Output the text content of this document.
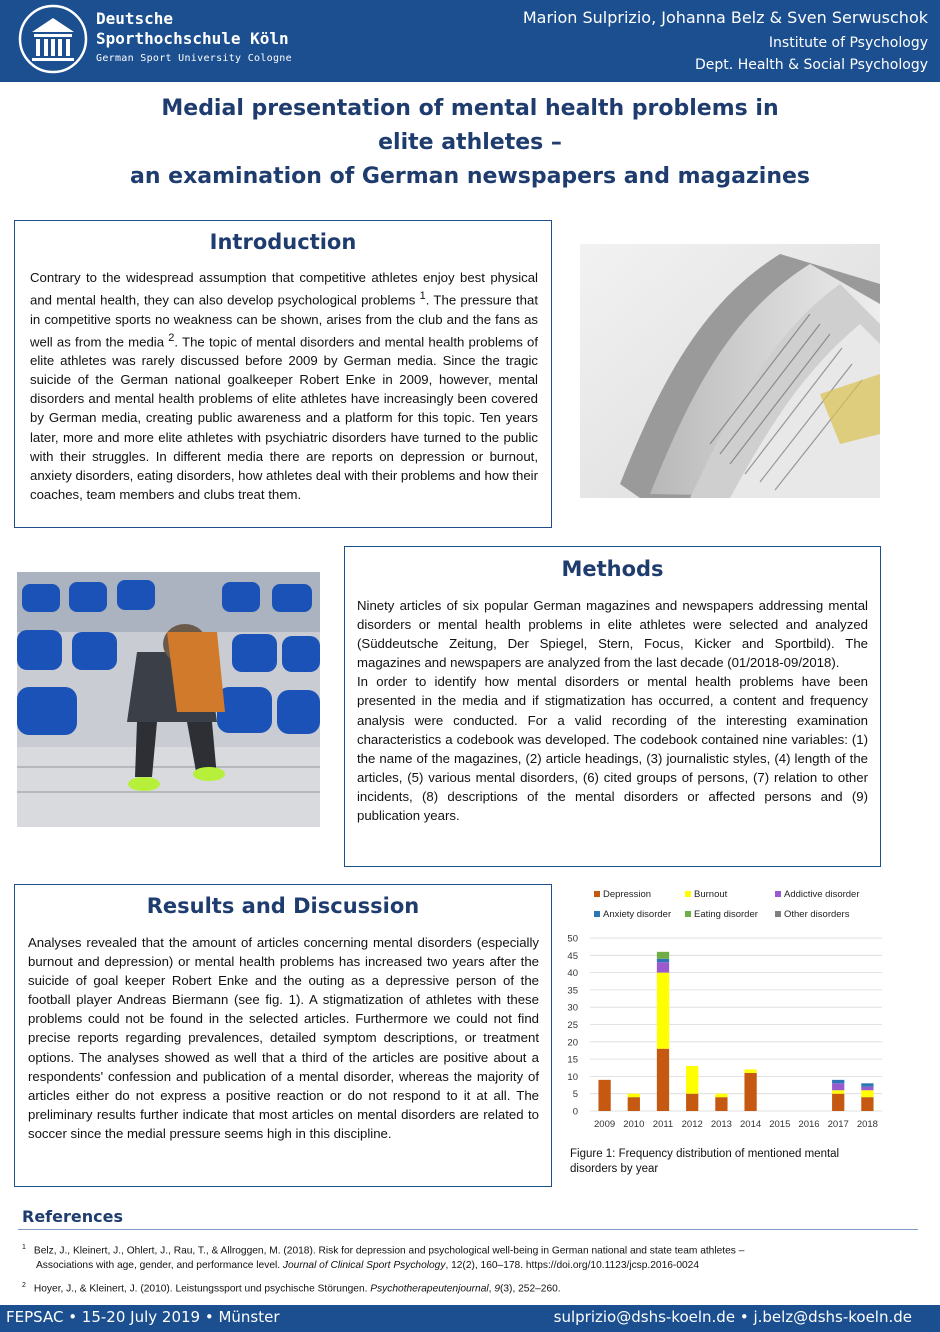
Deutsche
Sporthochschule Köln
German Sport University Cologne
Marion Sulprizio, Johanna Belz & Sven Serwuschok
Institute of Psychology
Dept. Health & Social Psychology
Medial presentation of mental health problems in
elite athletes –
an examination of German newspapers and magazines
Introduction

Contrary to the widespread assumption that competitive athletes enjoy best physical and mental health, they can also develop psychological problems $^1$. The pressure that in competitive sports no weakness can be shown, arises from the club and the fans as well as from the media $^2$. The topic of mental disorders and mental health problems of elite athletes was rarely discussed before 2009 by German media. Since the tragic suicide of the German national goalkeeper Robert Enke in 2009, however, mental disorders and mental health problems of elite athletes have increasingly been covered by German media, creating public awareness and a platform for this topic. Ten years later, more and more elite athletes with psychiatric disorders have turned to the public with their struggles. In different media there are reports on depression or burnout, anxiety disorders, eating disorders, how athletes deal with their problems and how their coaches, team members and clubs treat them.

Methods

Ninety articles of six popular German magazines and newspapers addressing mental disorders or mental health problems in elite athletes were selected and analyzed (Süddeutsche Zeitung, Der Spiegel, Stern, Focus, Kicker and Sportbild). The magazines and newspapers are analyzed from the last decade (01/2018-09/2018).
In order to identify how mental disorders or mental health problems have been presented in the media and if stigmatization has occurred, a content and frequency analysis were conducted. For a valid recording of the interesting examination characteristics a codebook was developed. The codebook contained nine variables: (1) the name of the magazines, (2) article headings, (3) journalistic styles, (4) length of the articles, (5) various mental disorders, (6) cited groups of persons, (7) relation to other incidents, (8) descriptions of the mental disorders or affected persons and (9) publication years.

Results and Discussion

Analyses revealed that the amount of articles concerning mental disorders (especially burnout and depression) or mental health problems has increased two years after the suicide of goal keeper Robert Enke and the outing as a depressive person of the football player Andreas Biermann (see fig. 1). A stigmatization of athletes with these problems could not be found in the selected articles. Furthermore we could not find precise reports regarding prevalences, detailed symptom descriptions, or treatment options. The analyses showed as well that a third of the articles are positive about a respondents' confession and publication of a mental disorder, whereas the majority of articles either do not express a positive reaction or do not respond to it at all. The preliminary results further indicate that most articles on mental disorders are related to soccer since the medial pressure seems high in this discipline.

Depression	Burnout	Addictive disorder
Anxiety disorder Eating disorder	Other disorders
0
5
10
15
20
25
30
35
40
45
50
2009 2010 2011 2012 2013 2014 2015 2016 2017 2018
Figure 1: Frequency distribution of mentioned mental disorders by year
References
$^1$ Belz, J., Kleinert, J., Ohlert, J., Rau, T., & Allroggen, M. (2018). Risk for depression and psychological well-being in German national and state team athletes –
Associations with age, gender, and performance level. Journal of Clinical Sport Psychology, 12(2), 160–178. https://doi.org/10.1123/jcsp.2016-0024
$^2$ Hoyer, J., & Kleinert, J. (2010). Leistungssport und psychische Störungen. Psychotherapeutenjournal, 9(3), 252–260.
FEPSAC • 15-20 July 2019 • Münster	sulprizio@dshs-koeln.de • j.belz@dshs-koeln.de
